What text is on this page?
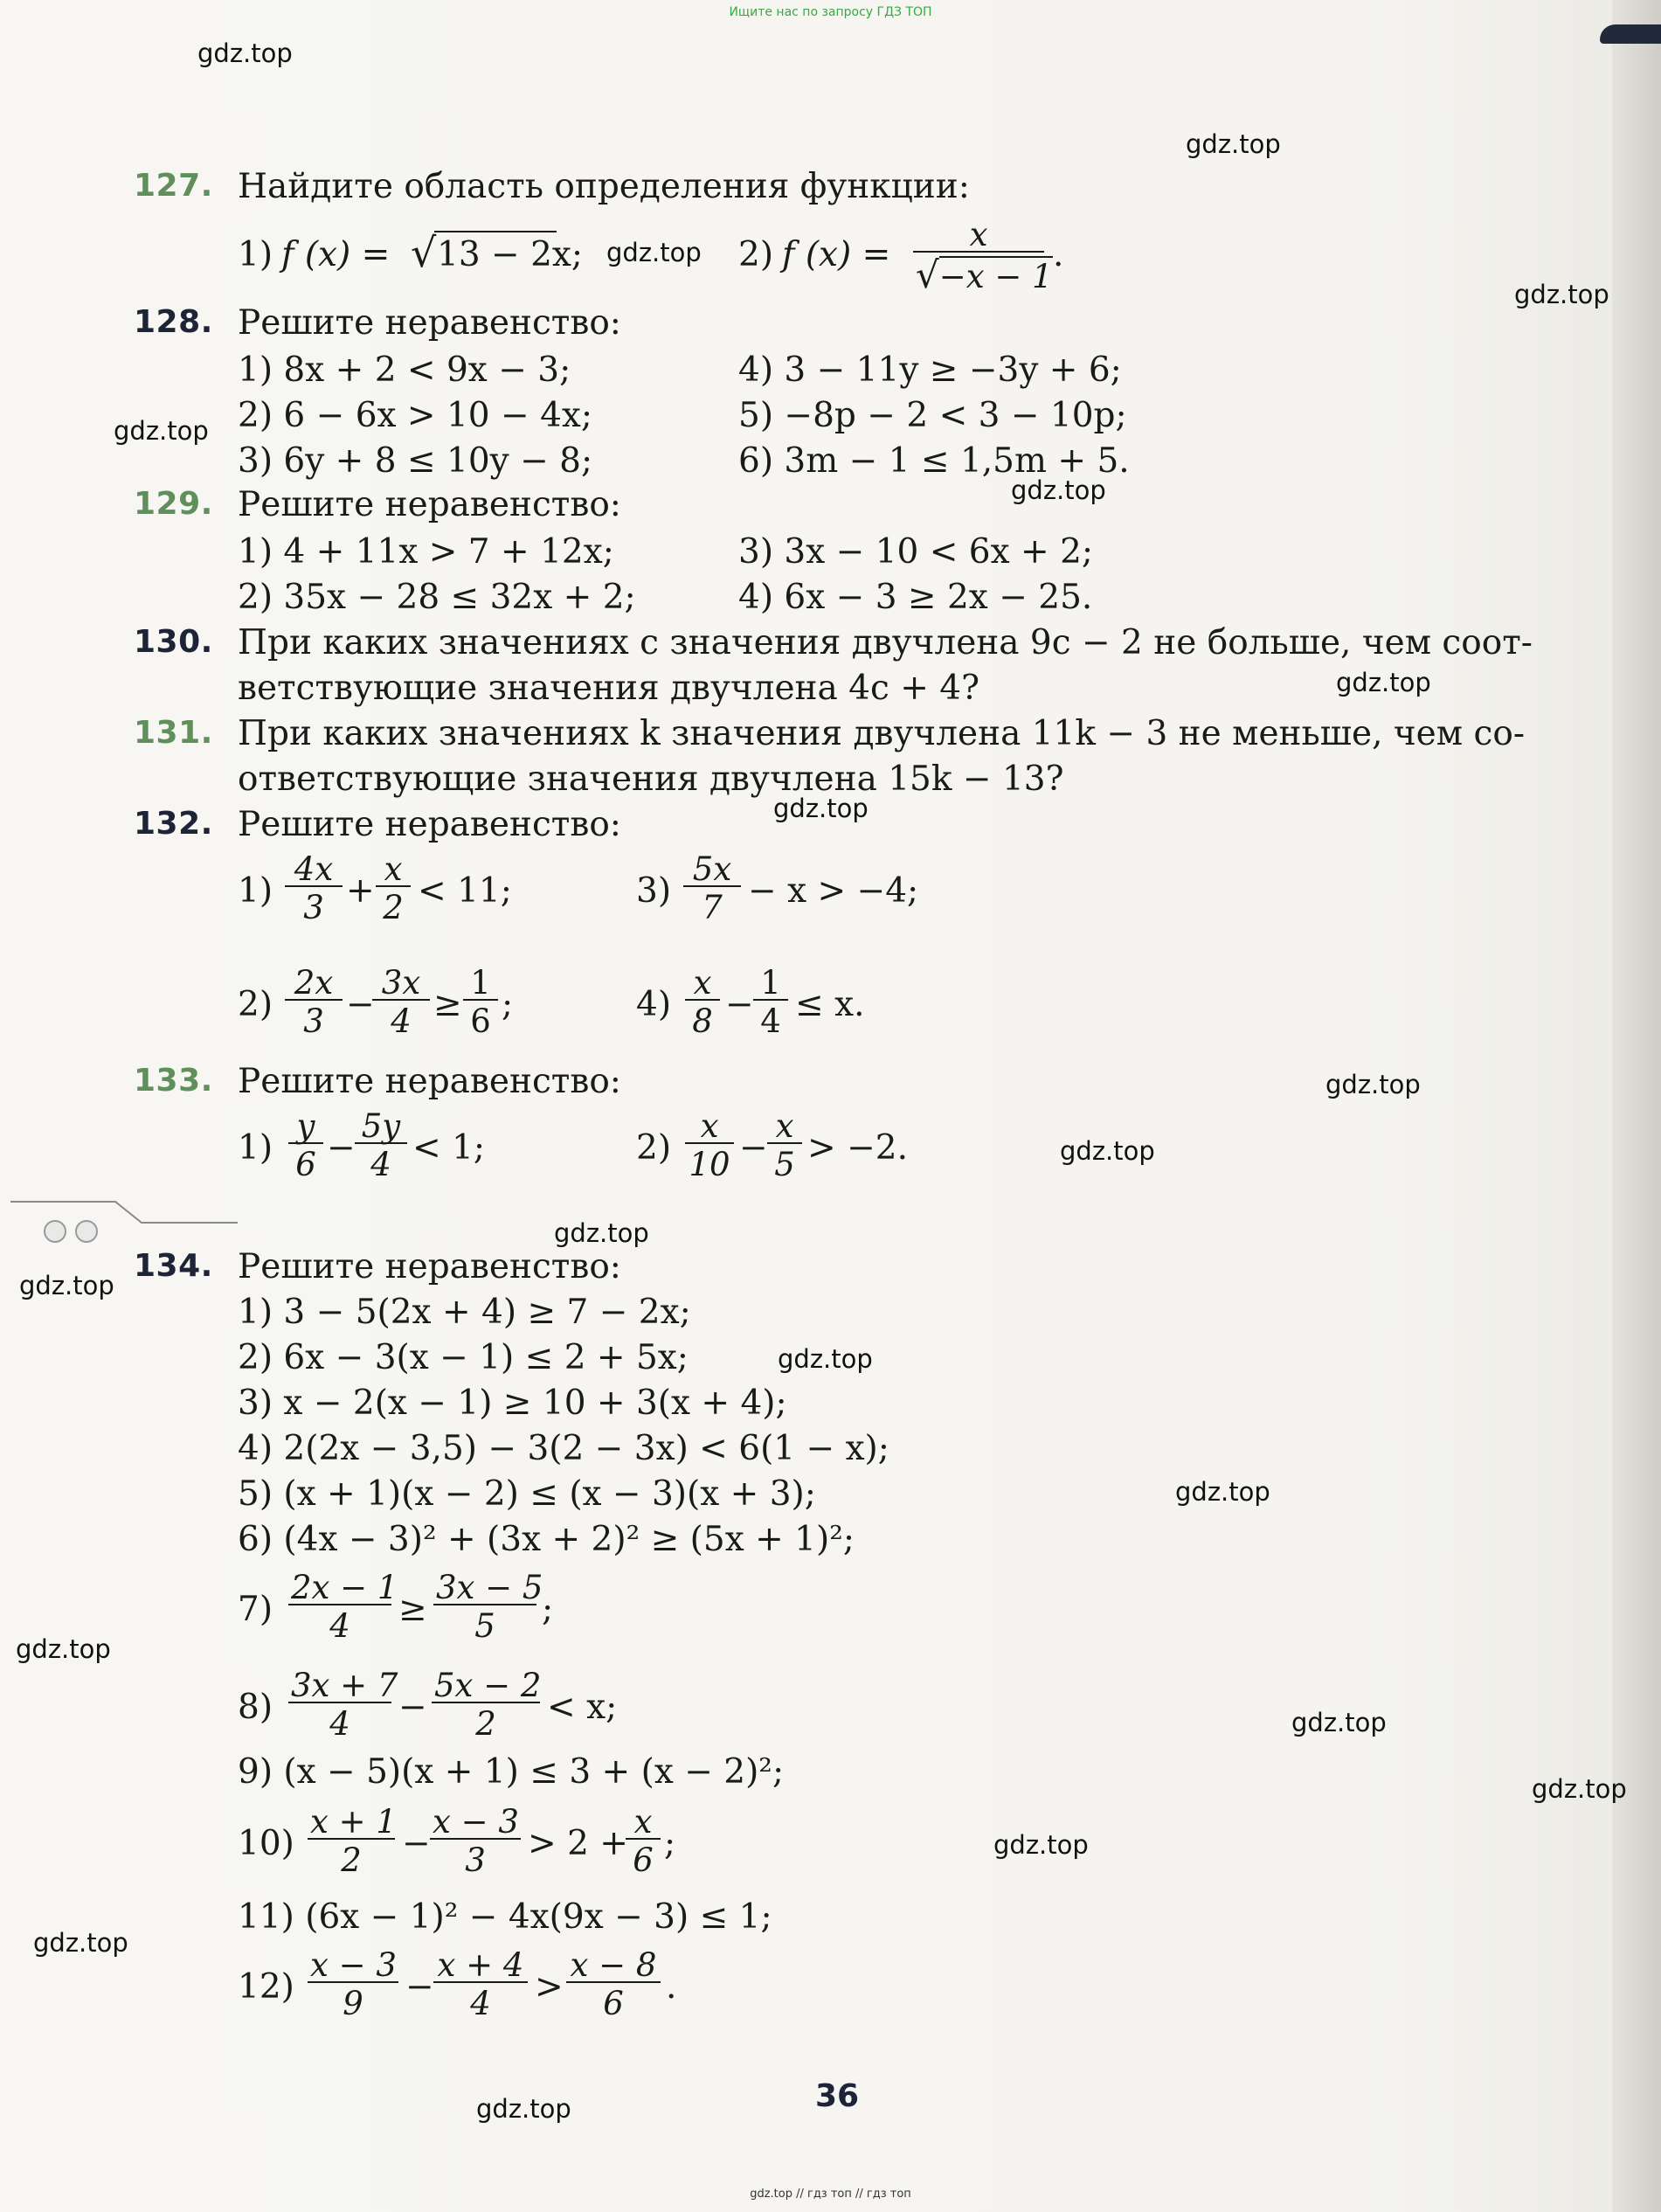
Ищите нас по запросу ГДЗ ТОП
gdz.top
gdz.top
gdz.top
gdz.top
gdz.top
gdz.top
gdz.top
gdz.top
gdz.top
gdz.top
gdz.top
gdz.top
gdz.top
gdz.top
gdz.top
gdz.top
gdz.top
gdz.top
gdz.top
gdz.top
127. Найдите область определения функции:
1) f (x) = √ 13 − 2x;	2) f $(x) = \frac{x}{√-x - 1}$ .
128. Решите неравенство:
1) 8x + 2 < 9x − 3;
2) 6 − 6x > 10 − 4x;
3) 6y + 8 ≤ 10y − 8;
4) 3 − 11y ≥ −3y + 6;
5) −8p − 2 < 3 − 10p;
6) 3m − 1 ≤ 1,5m + 5.
129. Решите неравенство:
1) 4 + 11x > 7 + 12x;
2) 35x − 28 ≤ 32x + 2;
3) 3x − 10 < 6x + 2;
4) 6x − 3 ≥ 2x − 25.
130. При каких значениях c значения двучлена 9c − 2 не больше, чем соот-
ветствующие значения двучлена 4c + 4?
131. При каких значениях k значения двучлена 11k − 3 не меньше, чем со-
ответствующие значения двучлена 15k − 13?
132. Решите неравенство:
$1) \frac{4x}{3} + \frac{x}{2} < 11$;	$3) \frac{5x}{7} - x > -4$;
$2) \frac{2x}{3}$ −
$\frac{3x}{4} \ge \frac{1}{6}$ ;	$4) \frac{x}{8} - \frac{1}{4} \le x$.
133. Решите неравенство:
$1) \frac{y}{6} - \frac{5y}{4} < 1$;	$2) \frac{x}{10} - \frac{x}{5} > -2$.
134. Решите неравенство:
1) 3 − 5(2x + 4) ≥ 7 − 2x;
2) 6x − 3(x − 1) ≤ 2 + 5x;
3) x − 2(x − 1) ≥ 10 + 3(x + 4);
4) 2(2x − 3,5) − 3(2 − 3x) < 6(1 − x);
5) (x + 1)(x − 2) ≤ (x − 3)(x + 3);
6) (4x − 3)² + (3x + 2)² ≥ (5x + 1)²;
$7) \frac{2x - 1}{4} \ge \frac{3x - 5}{5}$ ;
$8) \frac{3x + 7}{4} - \frac{5x - 2}{2} < x$;
9) (x − 5)(x + 1) ≤ 3 + (x − 2)²;
$10) \frac{x + 1}{2} - \frac{x - 3}{3} > 2$ +
$\frac{x}{6}$ ;
11) (6x − 1)² − 4x(9x − 3) ≤ 1;
$12) \frac{x - 3}{9} - \frac{x + 4}{4} > \frac{x - 8}{6}$ .
36
gdz.top // гдз топ // гдз топ
